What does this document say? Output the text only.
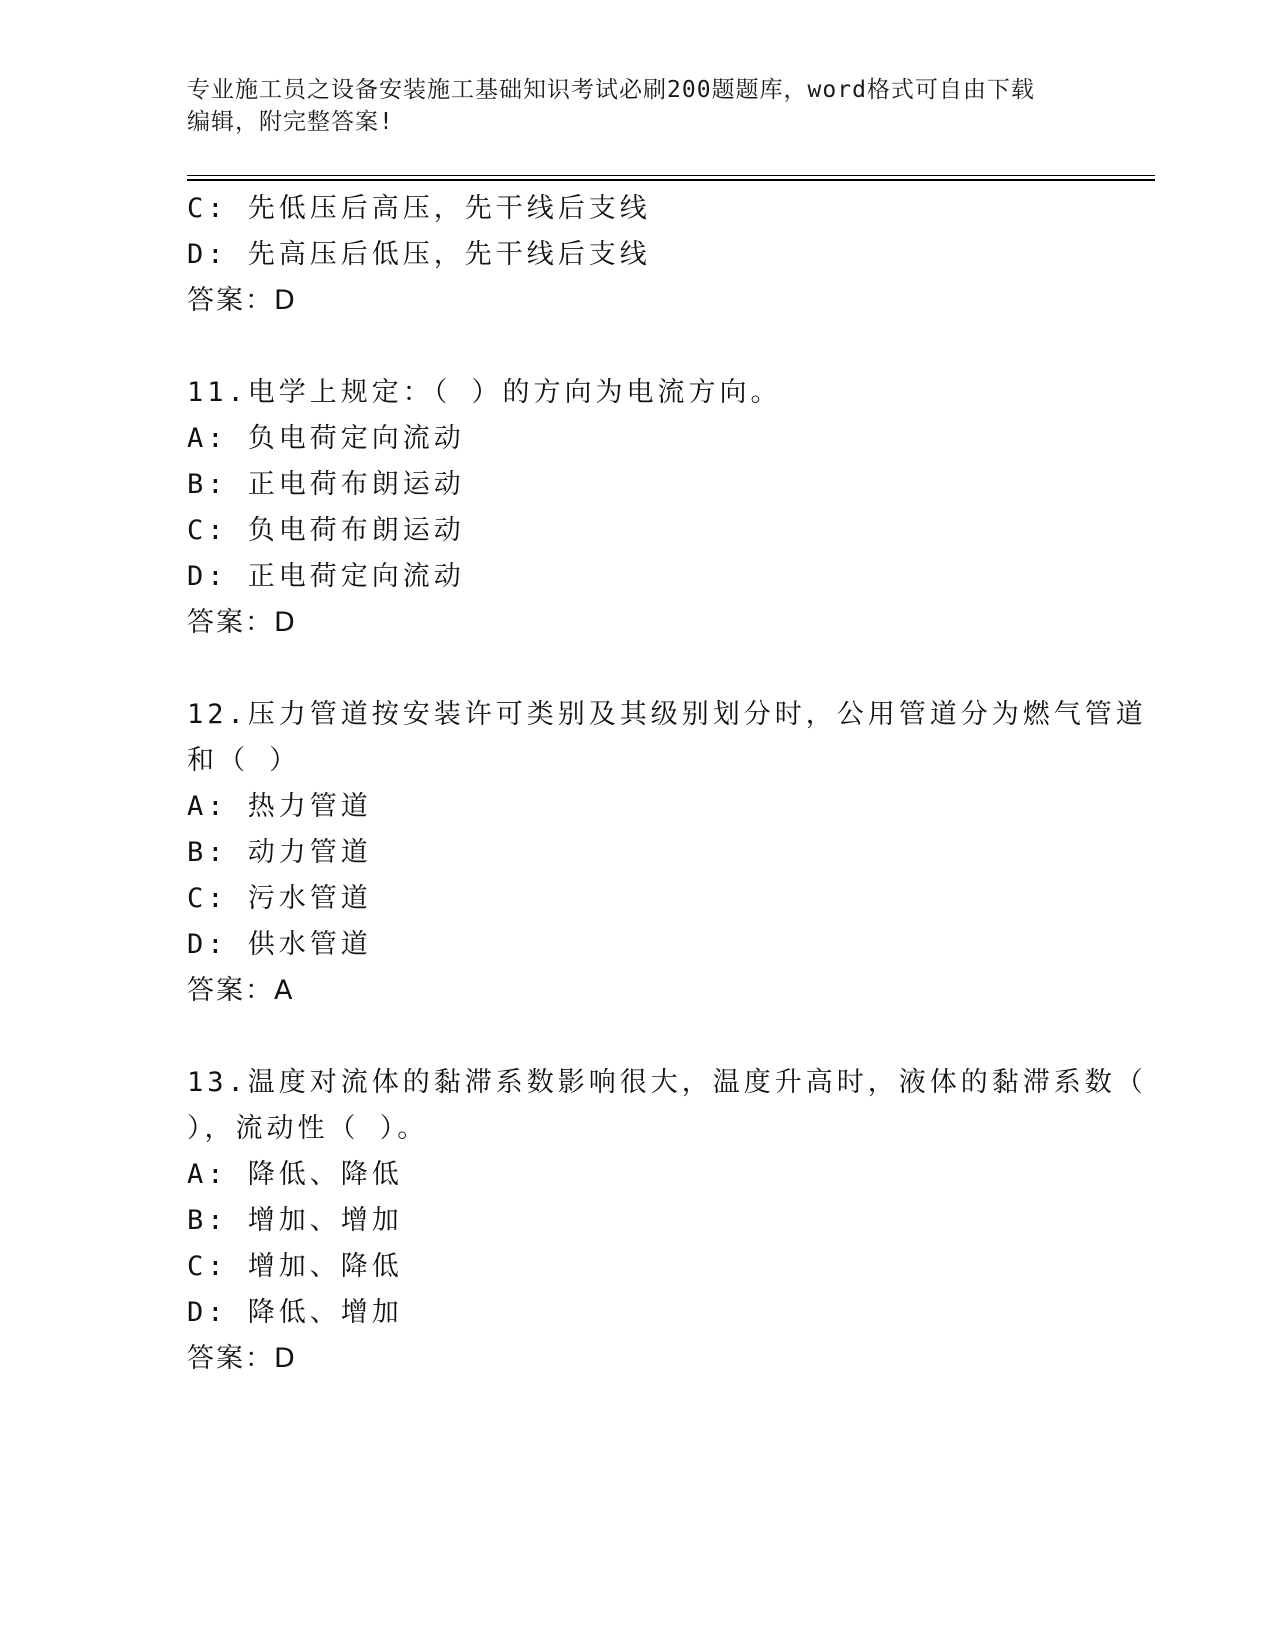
专业施工员之设备安装施工基础知识考试必刷200题题库，word格式可自由下载
编辑，附完整答案!
C: 先低压后高压，先干线后支线
D: 先高压后低压，先干线后支线
答案：D
11.电学上规定：（ ）的方向为电流方向。
A: 负电荷定向流动
B: 正电荷布朗运动
C: 负电荷布朗运动
D: 正电荷定向流动
答案：D
12.压力管道按安装许可类别及其级别划分时，公用管道分为燃气管道
和（ ）
A: 热力管道
B: 动力管道
C: 污水管道
D: 供水管道
答案：A
13.温度对流体的黏滞系数影响很大，温度升高时，液体的黏滞系数（
），流动性（ ）。
A: 降低、降低
B: 增加、增加
C: 增加、降低
D: 降低、增加
答案：D
